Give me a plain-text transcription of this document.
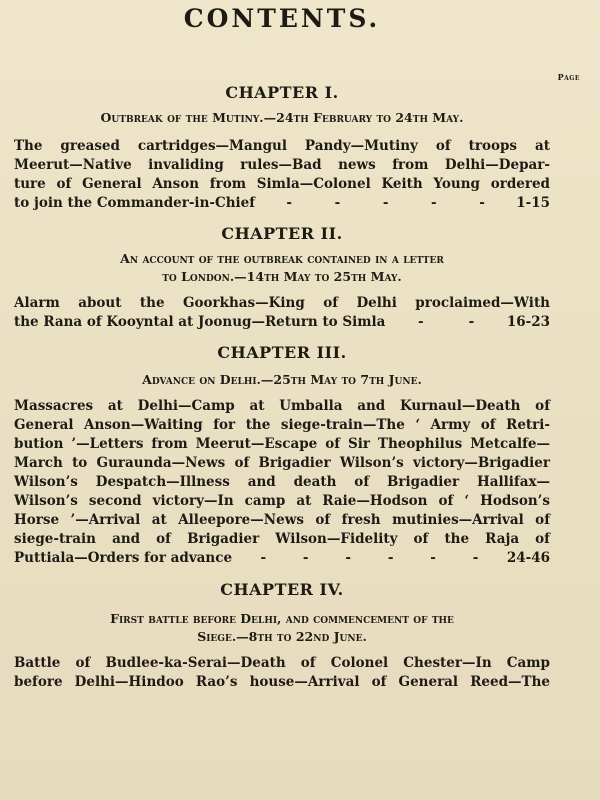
CONTENTS.
Page
CHAPTER I.

Outbreak of the Mutiny.—24th February to 24th May.

The greased cartridges—Mangul Pandy—Mutiny of troops at
Meerut—Native invaliding rules—Bad news from Delhi—Depar-
ture of General Anson from Simla—Colonel Keith Young ordered
to join the Commander-in-Chief -	-	-	-	- 1-15
CHAPTER II.

An account of the outbreak contained in a letter
to London.—14th May to 25th May.

Alarm about the Goorkhas—King of Delhi proclaimed—With
the Rana of Kooyntal at Joonug—Return to Simla -	- 16-23
CHAPTER III.

Advance on Delhi.—25th May to 7th June.

Massacres at Delhi—Camp at Umballa and Kurnaul—Death of
General Anson—Waiting for the siege-train—The ‘ Army of Retri-
bution ’—Letters from Meerut—Escape of Sir Theophilus Metcalfe—
March to Guraunda—News of Brigadier Wilson’s victory—Brigadier
Wilson’s Despatch—Illness and death of Brigadier Hallifax—
Wilson’s second victory—In camp at Raie—Hodson of ‘ Hodson’s
Horse ’—Arrival at Alleepore—News of fresh mutinies—Arrival of
siege-train and of Brigadier Wilson—Fidelity of the Raja of
Puttiala—Orders for advance -	-	-	-	-	- 24-46
CHAPTER IV.

First battle before Delhi, and commencement of the
Siege.—8th to 22nd June.

Battle of Budlee-ka-Serai—Death of Colonel Chester—In Camp
before Delhi—Hindoo Rao’s house—Arrival of General Reed—The
